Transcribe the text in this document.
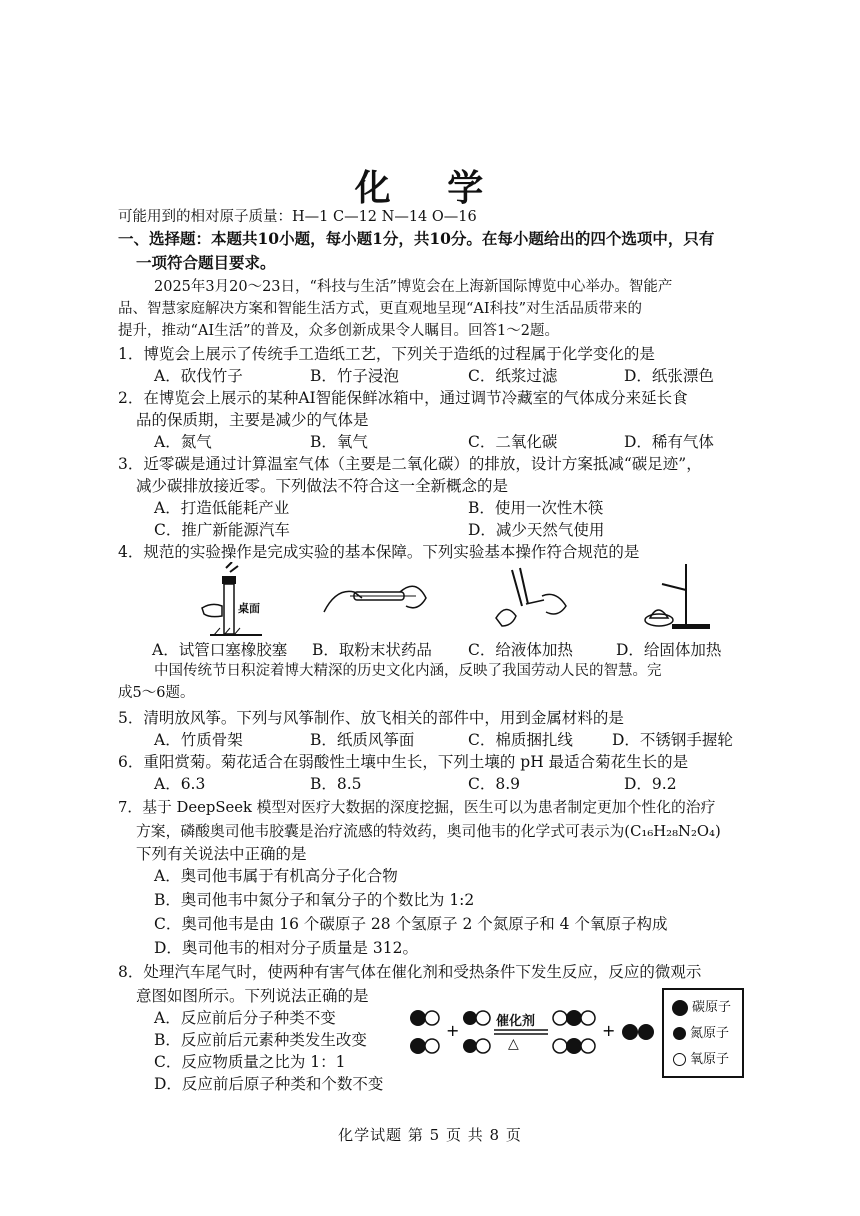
化 学
可能用到的相对原子质量：H—1 C—12 N—14 O—16
一、选择题：本题共10小题，每小题1分，共10分。在每小题给出的四个选项中，只有
一项符合题目要求。
2025年3月20～23日，“科技与生活”博览会在上海新国际博览中心举办。智能产
品、智慧家庭解决方案和智能生活方式，更直观地呈现“AI科技”对生活品质带来的
提升，推动“AI生活”的普及，众多创新成果令人瞩目。回答1～2题。
1．博览会上展示了传统手工造纸工艺，下列关于造纸的过程属于化学变化的是
A．砍伐竹子	B．竹子浸泡	C．纸浆过滤	D．纸张漂色
2．在博览会上展示的某种AI智能保鲜冰箱中，通过调节冷藏室的气体成分来延长食
品的保质期，主要是减少的气体是
A．氮气	B．氧气	C．二氧化碳	D．稀有气体
3．近零碳是通过计算温室气体（主要是二氧化碳）的排放，设计方案抵减“碳足迹”，
减少碳排放接近零。下列做法不符合这一全新概念的是
A．打造低能耗产业	B．使用一次性木筷
C．推广新能源汽车	D．减少天然气使用
4．规范的实验操作是完成实验的基本保障。下列实验基本操作符合规范的是
桌面
A．试管口塞橡胶塞 B．取粉末状药品 C．给液体加热	D．给固体加热
中国传统节日积淀着博大精深的历史文化内涵，反映了我国劳动人民的智慧。完
成5～6题。
5．清明放风筝。下列与风筝制作、放飞相关的部件中，用到金属材料的是
A．竹质骨架	B．纸质风筝面	C．棉质捆扎线	D．不锈钢手握轮
6．重阳赏菊。菊花适合在弱酸性土壤中生长，下列土壤的 pH 最适合菊花生长的是
A．6.3	B．8.5	C．8.9	D．9.2
7．基于 DeepSeek 模型对医疗大数据的深度挖掘，医生可以为患者制定更加个性化的治疗
方案，磷酸奥司他韦胶囊是治疗流感的特效药，奥司他韦的化学式可表示为(C₁₆H₂₈N₂O₄)
下列有关说法中正确的是
A．奥司他韦属于有机高分子化合物
B．奥司他韦中氮分子和氧分子的个数比为 1:2
C．奥司他韦是由 16 个碳原子 28 个氢原子 2 个氮原子和 4 个氧原子构成
D．奥司他韦的相对分子质量是 312。
8．处理汽车尾气时，使两种有害气体在催化剂和受热条件下发生反应，反应的微观示
意图如图所示。下列说法正确的是
A．反应前后分子种类不变
B．反应前后元素种类发生改变
C．反应物质量之比为 1：1
D．反应前后原子种类和个数不变
+	+
催化剂
△
碳原子
氮原子
氧原子
化学试题 第 5 页 共 8 页
